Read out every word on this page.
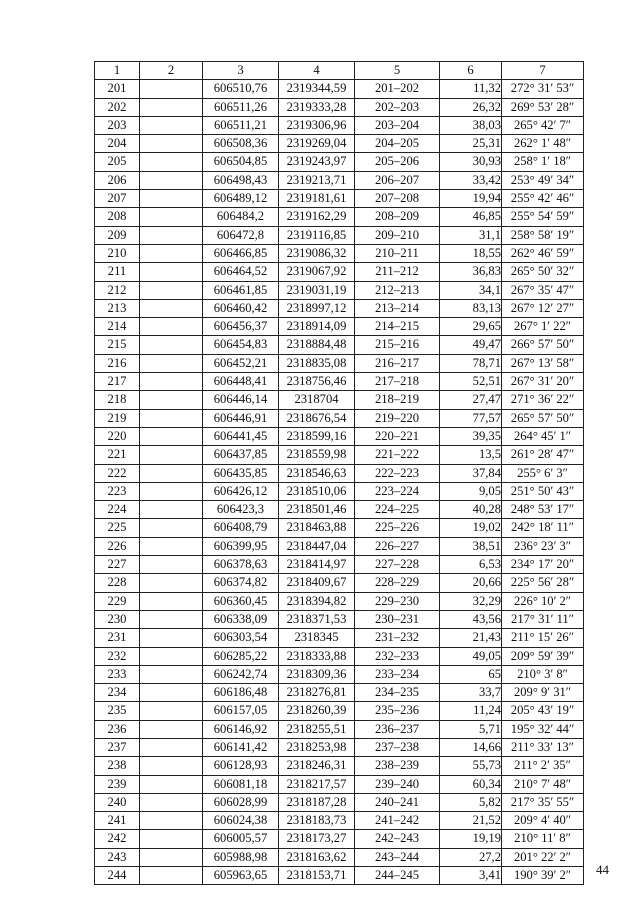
1	2	3	4	5	6	7
201		606510,76	2319344,59	201–202	11,32	272° 31′ 53″
202		606511,26	2319333,28	202–203	26,32	269° 53′ 28″
203		606511,21	2319306,96	203–204	38,03	265° 42′ 7″
204		606508,36	2319269,04	204–205	25,31	262° 1′ 48″
205		606504,85	2319243,97	205–206	30,93	258° 1′ 18″
206		606498,43	2319213,71	206–207	33,42	253° 49′ 34″
207		606489,12	2319181,61	207–208	19,94	255° 42′ 46″
208		606484,2	2319162,29	208–209	46,85	255° 54′ 59″
209		606472,8	2319116,85	209–210	31,1	258° 58′ 19″
210		606466,85	2319086,32	210–211	18,55	262° 46′ 59″
211		606464,52	2319067,92	211–212	36,83	265° 50′ 32″
212		606461,85	2319031,19	212–213	34,1	267° 35′ 47″
213		606460,42	2318997,12	213–214	83,13	267° 12′ 27″
214		606456,37	2318914,09	214–215	29,65	267° 1′ 22″
215		606454,83	2318884,48	215–216	49,47	266° 57′ 50″
216		606452,21	2318835,08	216–217	78,71	267° 13′ 58″
217		606448,41	2318756,46	217–218	52,51	267° 31′ 20″
218		606446,14	2318704	218–219	27,47	271° 36′ 22″
219		606446,91	2318676,54	219–220	77,57	265° 57′ 50″
220		606441,45	2318599,16	220–221	39,35	264° 45′ 1″
221		606437,85	2318559,98	221–222	13,5	261° 28′ 47″
222		606435,85	2318546,63	222–223	37,84	255° 6′ 3″
223		606426,12	2318510,06	223–224	9,05	251° 50′ 43″
224		606423,3	2318501,46	224–225	40,28	248° 53′ 17″
225		606408,79	2318463,88	225–226	19,02	242° 18′ 11″
226		606399,95	2318447,04	226–227	38,51	236° 23′ 3″
227		606378,63	2318414,97	227–228	6,53	234° 17′ 20″
228		606374,82	2318409,67	228–229	20,66	225° 56′ 28″
229		606360,45	2318394,82	229–230	32,29	226° 10′ 2″
230		606338,09	2318371,53	230–231	43,56	217° 31′ 11″
231		606303,54	2318345	231–232	21,43	211° 15′ 26″
232		606285,22	2318333,88	232–233	49,05	209° 59′ 39″
233		606242,74	2318309,36	233–234	65	210° 3′ 8″
234		606186,48	2318276,81	234–235	33,7	209° 9′ 31″
235		606157,05	2318260,39	235–236	11,24	205° 43′ 19″
236		606146,92	2318255,51	236–237	5,71	195° 32′ 44″
237		606141,42	2318253,98	237–238	14,66	211° 33′ 13″
238		606128,93	2318246,31	238–239	55,73	211° 2′ 35″
239		606081,18	2318217,57	239–240	60,34	210° 7′ 48″
240		606028,99	2318187,28	240–241	5,82	217° 35′ 55″
241		606024,38	2318183,73	241–242	21,52	209° 4′ 40″
242		606005,57	2318173,27	242–243	19,19	210° 11′ 8″
243		605988,98	2318163,62	243–244	27,2	201° 22′ 2″
244		605963,65	2318153,71	244–245	3,41	190° 39′ 2″ 44
